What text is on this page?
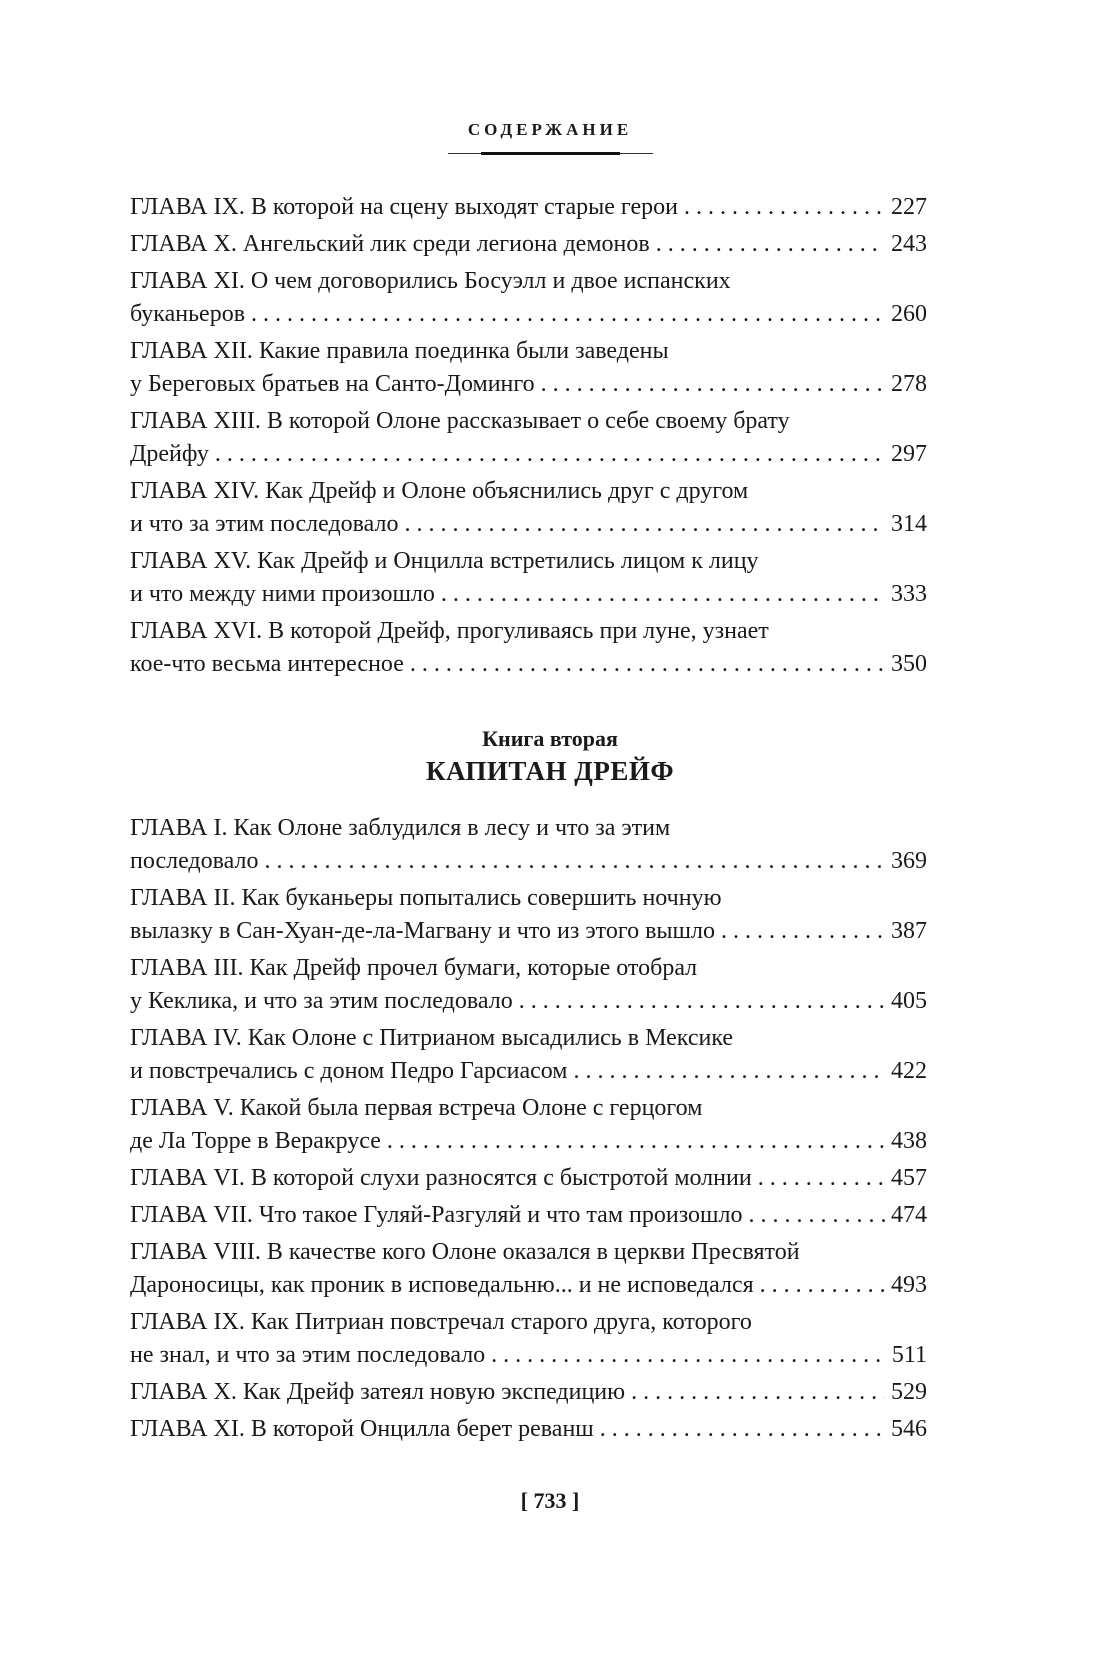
СОДЕРЖАНИЕ
ГЛАВА IX. В которой на сцену выходят старые герои . . .	227
ГЛАВА X. Ангельский лик среди легиона демонов . . .	243
ГЛАВА XI. О чем договорились Босуэлл и двое испанских
буканьеров . . .	260
ГЛАВА XII. Какие правила поединка были заведены
у Береговых братьев на Санто-Доминго . . .	278
ГЛАВА XIII. В которой Олоне рассказывает о себе своему брату
Дрейфу . . .	297
ГЛАВА XIV. Как Дрейф и Олоне объяснились друг с другом
и что за этим последовало . . .	314
ГЛАВА XV. Как Дрейф и Онцилла встретились лицом к лицу
и что между ними произошло . . .	333
ГЛАВА XVI. В которой Дрейф, прогуливаясь при луне, узнает
кое-что весьма интересное . . .	350
Книга вторая
КАПИТАН ДРЕЙФ
ГЛАВА I. Как Олоне заблудился в лесу и что за этим
последовало . . .	369
ГЛАВА II. Как буканьеры попытались совершить ночную
вылазку в Сан-Хуан-де-ла-Магвану и что из этого вышло . . .	387
ГЛАВА III. Как Дрейф прочел бумаги, которые отобрал
у Кеклика, и что за этим последовало . . .	405
ГЛАВА IV. Как Олоне с Питрианом высадились в Мексике
и повстречались с доном Педро Гарсиасом . . .	422
ГЛАВА V. Какой была первая встреча Олоне с герцогом
де Ла Торре в Веракрусе . . .	438
ГЛАВА VI. В которой слухи разносятся с быстротой молнии . . .	457
ГЛАВА VII. Что такое Гуляй-Разгуляй и что там произошло . . .	474
ГЛАВА VIII. В качестве кого Олоне оказался в церкви Пресвятой
Дароносицы, как проник в исповедальню... и не исповедался . . .	493
ГЛАВА IX. Как Питриан повстречал старого друга, которого
не знал, и что за этим последовало . . .	511
ГЛАВА X. Как Дрейф затеял новую экспедицию . . .	529
ГЛАВА XI. В которой Онцилла берет реванш . . .	546
[ 733 ]
